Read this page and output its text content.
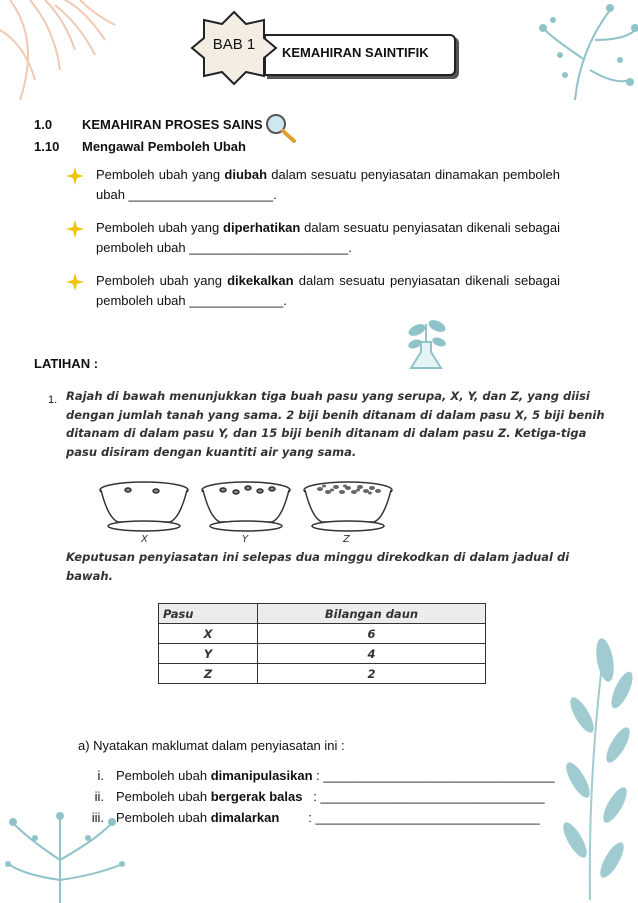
KEMAHIRAN SAINTIFIK
BAB 1
1.0 KEMAHIRAN PROSES SAINS
1.10 Mengawal Pemboleh Ubah
Pemboleh ubah yang diubah dalam sesuatu penyiasatan dinamakan pemboleh ubah ____________________.
Pemboleh ubah yang diperhatikan dalam sesuatu penyiasatan dikenali sebagai pemboleh ubah ______________________.
Pemboleh ubah yang dikekalkan dalam sesuatu penyiasatan dikenali sebagai pemboleh ubah _____________.
LATIHAN :
1. Rajah di bawah menunjukkan tiga buah pasu yang serupa, X, Y, dan Z, yang diisi
dengan jumlah tanah yang sama. 2 biji benih ditanam di dalam pasu X, 5 biji benih
ditanam di dalam pasu Y, dan 15 biji benih ditanam di dalam pasu Z. Ketiga-tiga
pasu disiram dengan kuantiti air yang sama.
X	Y	Z
Keputusan penyiasatan ini selepas dua minggu direkodkan di dalam jadual di
bawah.
Pasu	Bilangan daun
X	6
Y	4
Z	2
a) Nyatakan maklumat dalam penyiasatan ini :
i. Pemboleh ubah dimanipulasikan : ________________________________
ii. Pemboleh ubah bergerak balas   : _______________________________
iii. Pemboleh ubah dimalarkan        : _______________________________
